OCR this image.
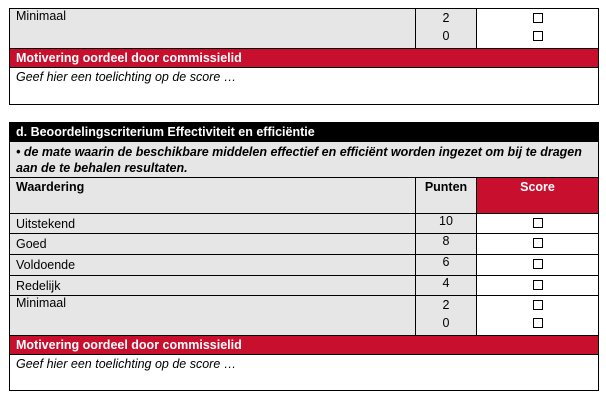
Minimaal	2
0

Motivering oordeel door commissielid
Geef hier een toelichting op de score …
d. Beoordelingscriterium Effectiviteit en efficiëntie		
• de mate waarin de beschikbare middelen effectief en efficiënt worden ingezet om bij te dragen aan de te behalen resultaten.		
Waardering	Punten	Score
Uitstekend	10	
Goed	8	
Voldoende	6	
Redelijk	4	
Minimaal	2
0	

Motivering oordeel door commissielid		
Geef hier een toelichting op de score …		
